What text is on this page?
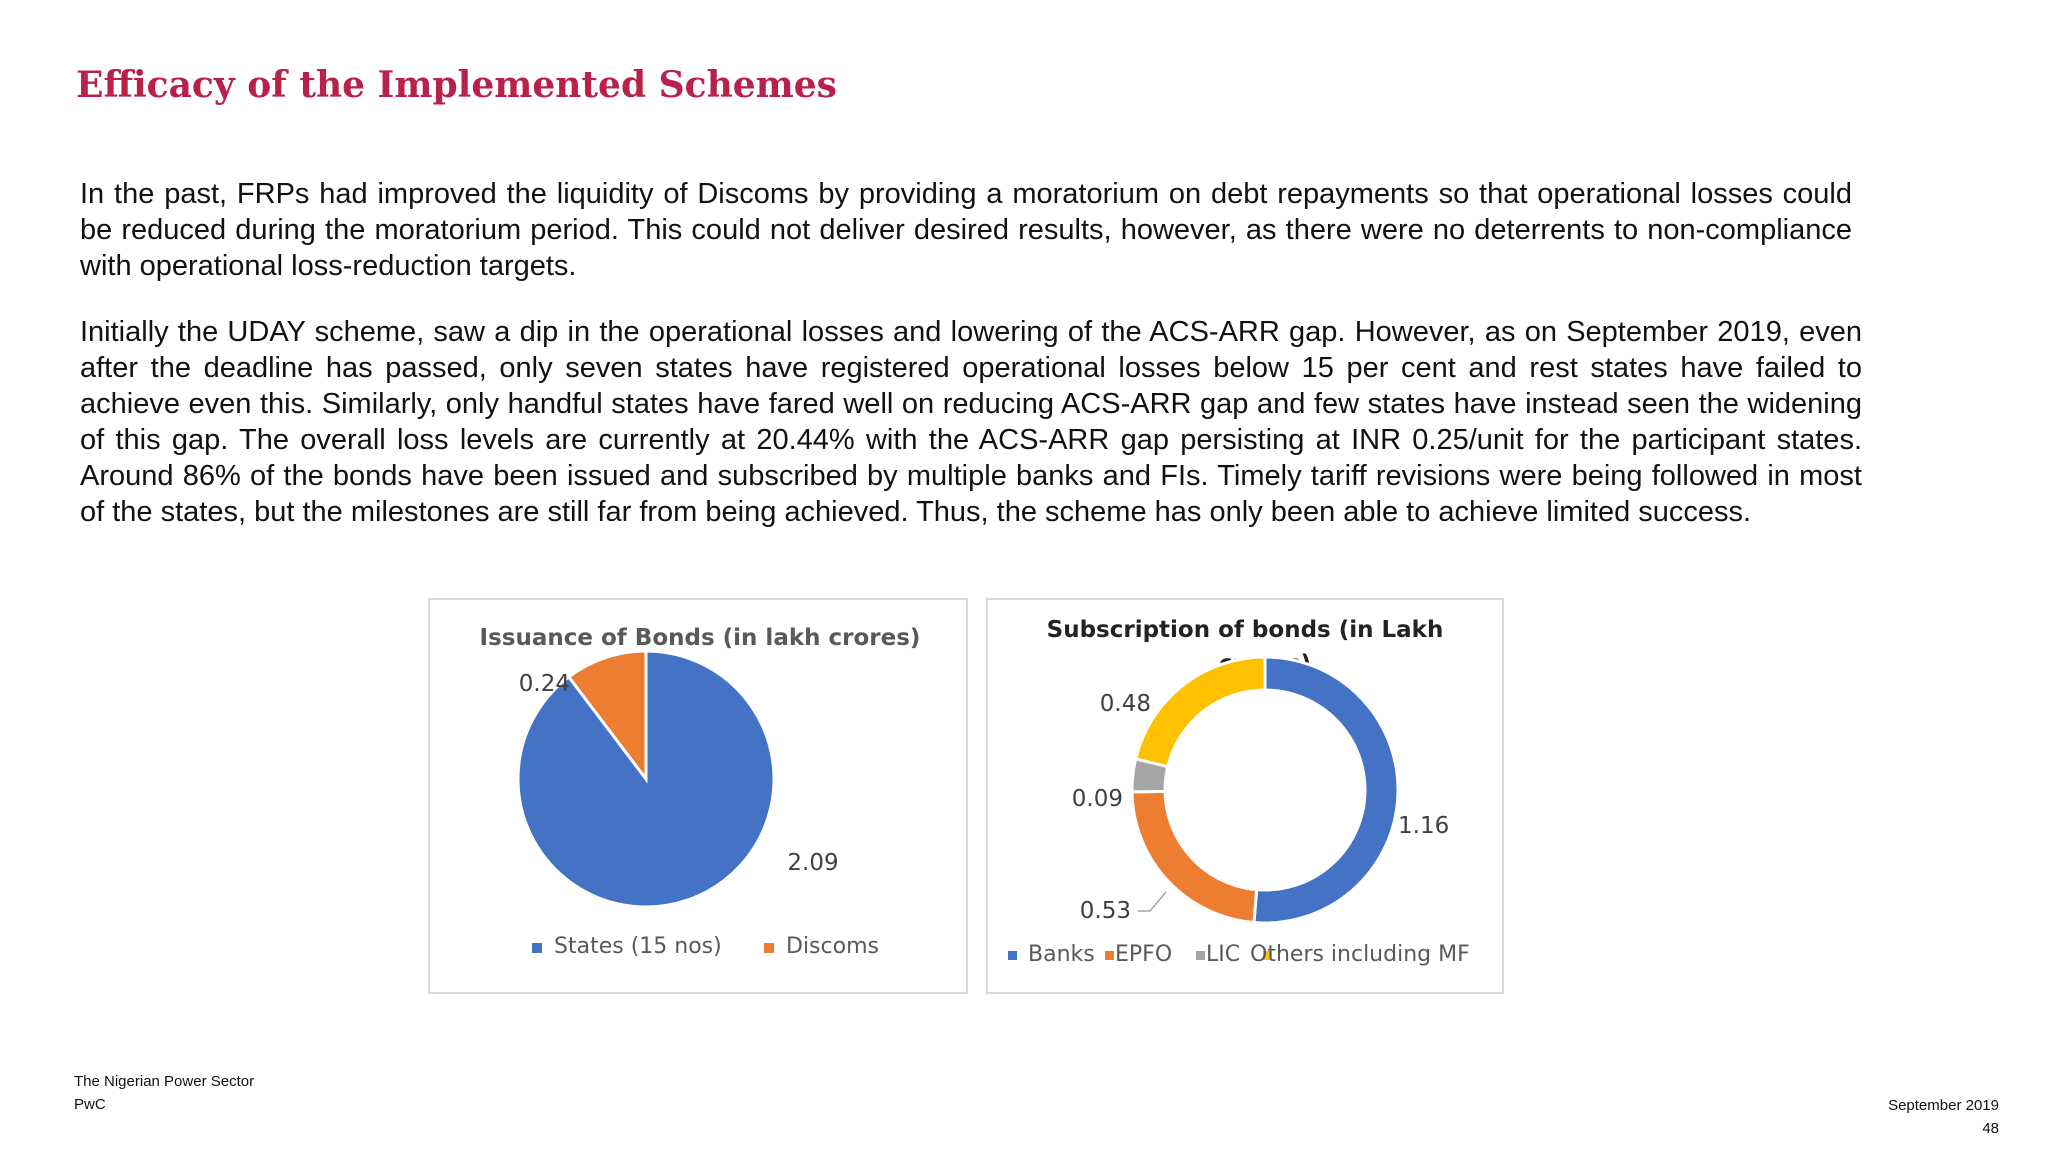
Efficacy of the Implemented Schemes

In the past, FRPs had improved the liquidity of Discoms by providing a moratorium on debt repayments so that operational losses could be reduced during the moratorium period. This could not deliver desired results, however, as there were no deterrents to non-compliance with operational loss-reduction targets.

Initially the UDAY scheme, saw a dip in the operational losses and lowering of the ACS-ARR gap. However, as on September 2019, even after the deadline has passed, only seven states have registered operational losses below 15 per cent and rest states have failed to achieve even this. Similarly, only handful states have fared well on reducing ACS-ARR gap and few states have instead seen the widening of this gap. The overall loss levels are currently at 20.44% with the ACS-ARR gap persisting at INR 0.25/unit for the participant states. Around 86% of the bonds have been issued and subscribed by multiple banks and FIs. Timely tariff revisions were being followed in most of the states, but the milestones are still far from being achieved. Thus, the scheme has only been able to achieve limited success.

Issuance of Bonds (in lakh crores)
0.24
2.09
States (15 nos)	Discoms
Subscription of bonds (in Lakh
0.48
0.09
1.16
0.53
Banks EPFO LIC Others including MF

The Nigerian Power Sector

PwC	September 2019

48
